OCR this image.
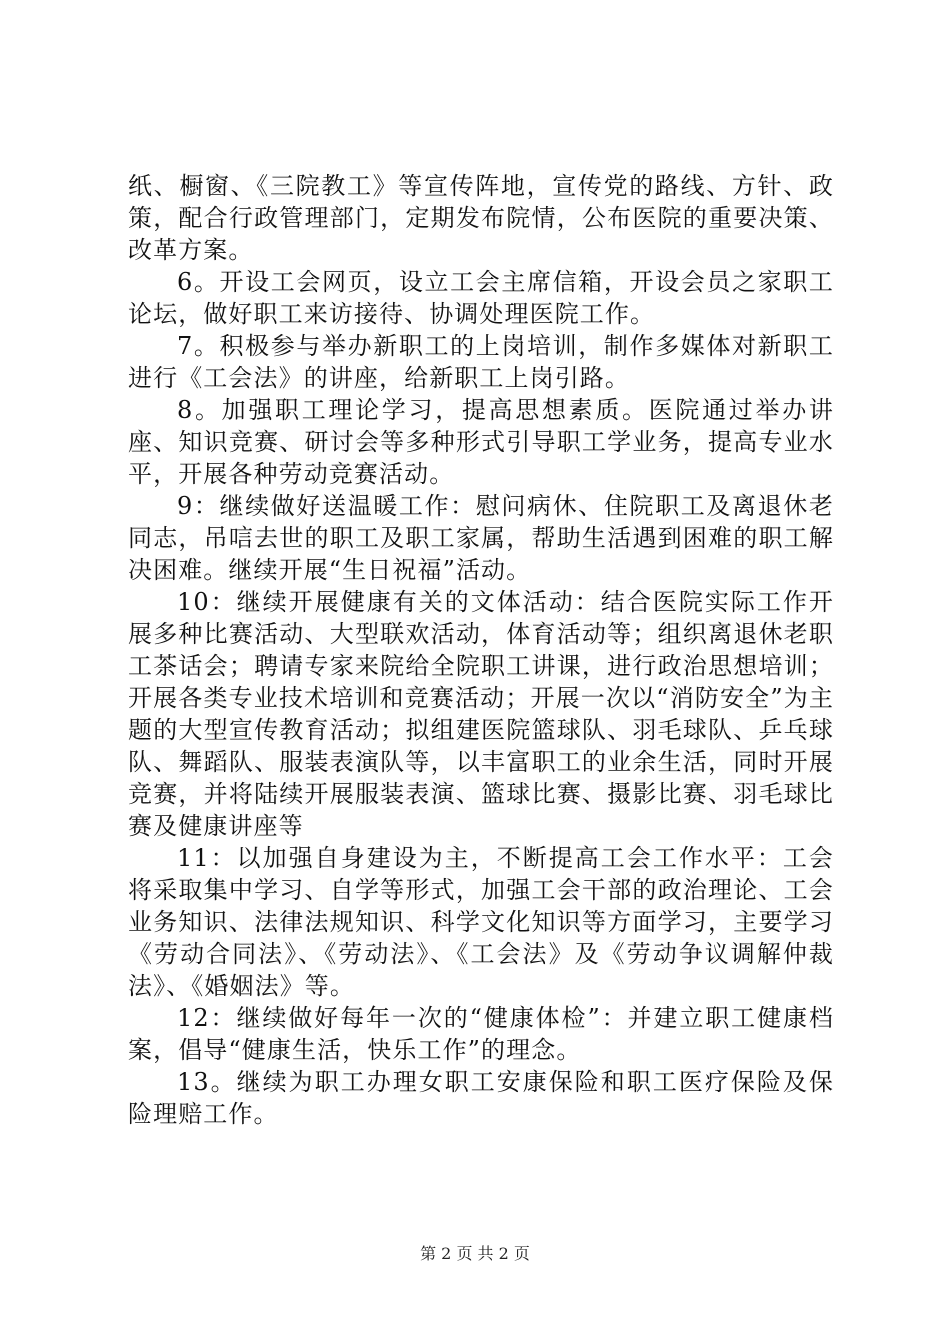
纸、橱窗、《三院教工》等宣传阵地，宣传党的路线、方针、政策，配合行政管理部门，定期发布院情，公布医院的重要决策、改革方案。

6。开设工会网页，设立工会主席信箱，开设会员之家职工论坛，做好职工来访接待、协调处理医院工作。

7。积极参与举办新职工的上岗培训，制作多媒体对新职工进行《工会法》的讲座，给新职工上岗引路。

8。加强职工理论学习，提高思想素质。医院通过举办讲座、知识竞赛、研讨会等多种形式引导职工学业务，提高专业水平，开展各种劳动竞赛活动。

9：继续做好送温暖工作：慰问病休、住院职工及离退休老同志，吊唁去世的职工及职工家属，帮助生活遇到困难的职工解决困难。继续开展“生日祝福”活动。

10：继续开展健康有关的文体活动：结合医院实际工作开展多种比赛活动、大型联欢活动，体育活动等；组织离退休老职工茶话会；聘请专家来院给全院职工讲课，进行政治思想培训；开展各类专业技术培训和竞赛活动；开展一次以“消防安全”为主题的大型宣传教育活动；拟组建医院篮球队、羽毛球队、乒乓球队、舞蹈队、服装表演队等，以丰富职工的业余生活，同时开展竞赛，并将陆续开展服装表演、篮球比赛、摄影比赛、羽毛球比赛及健康讲座等

11：以加强自身建设为主，不断提高工会工作水平：工会将采取集中学习、自学等形式，加强工会干部的政治理论、工会业务知识、法律法规知识、科学文化知识等方面学习，主要学习《劳动合同法》、《劳动法》、《工会法》及《劳动争议调解仲裁法》、《婚姻法》等。

12：继续做好每年一次的“健康体检”：并建立职工健康档案，倡导“健康生活，快乐工作”的理念。

13。继续为职工办理女职工安康保险和职工医疗保险及保险理赔工作。

第 2 页 共 2 页
